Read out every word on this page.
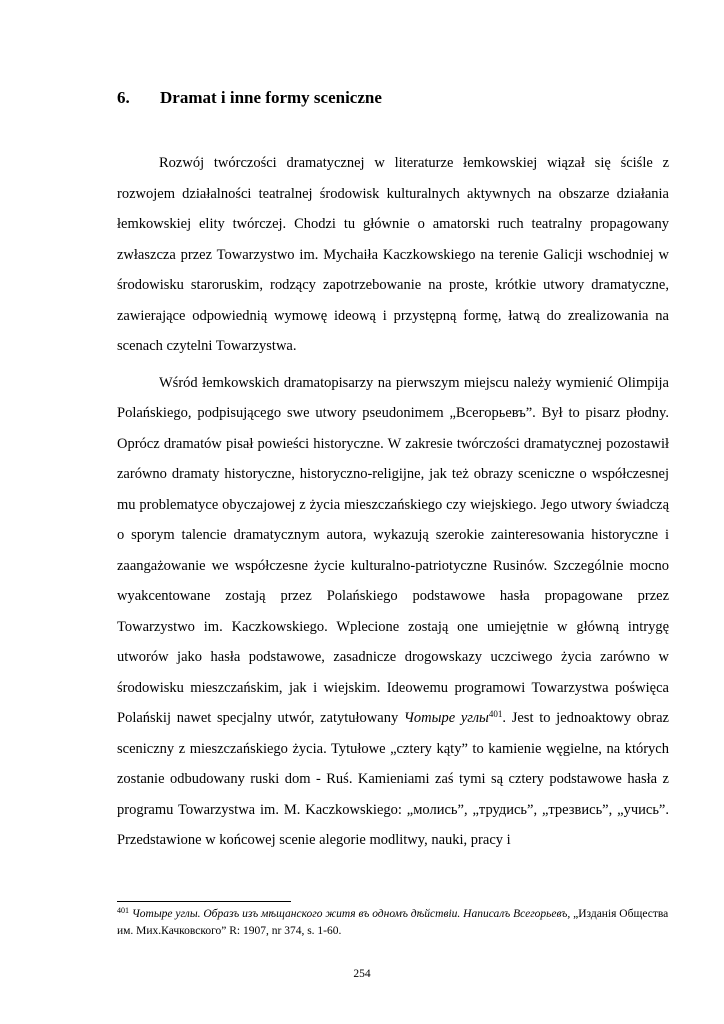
6. Dramat i inne formy sceniczne

Rozwój twórczości dramatycznej w literaturze łemkowskiej wiązał się ściśle z rozwojem działalności teatralnej środowisk kulturalnych aktywnych na obszarze działania łemkowskiej elity twórczej. Chodzi tu głównie o amatorski ruch teatralny propagowany zwłaszcza przez Towarzystwo im. Mychaiła Kaczkowskiego na terenie Galicji wschodniej w środowisku staroruskim, rodzący zapotrzebowanie na proste, krótkie utwory dramatyczne, zawierające odpowiednią wymowę ideową i przystępną formę, łatwą do zrealizowania na scenach czytelni Towarzystwa.

Wśród łemkowskich dramatopisarzy na pierwszym miejscu należy wymienić Olimpija Polańskiego, podpisującego swe utwory pseudonimem „Всегорьевъ”. Był to pisarz płodny. Oprócz dramatów pisał powieści historyczne. W zakresie twórczości dramatycznej pozostawił zarówno dramaty historyczne, historyczno-religijne, jak też obrazy sceniczne o współczesnej mu problematyce obyczajowej z życia mieszczańskiego czy wiejskiego. Jego utwory świadczą o sporym talencie dramatycznym autora, wykazują szerokie zainteresowania historyczne i zaangażowanie we współczesne życie kulturalno-patriotyczne Rusinów. Szczególnie mocno wyakcentowane zostają przez Polańskiego podstawowe hasła propagowane przez Towarzystwo im. Kaczkowskiego. Wplecione zostają one umiejętnie w główną intrygę utworów jako hasła podstawowe, zasadnicze drogowskazy uczciwego życia zarówno w środowisku mieszczańskim, jak i wiejskim. Ideowemu programowi Towarzystwa poświęca Polańskij nawet specjalny utwór, zatytułowany Чотыре углы$^{401}$. Jest to jednoaktowy obraz sceniczny z mieszczańskiego życia. Tytułowe „cztery kąty” to kamienie węgielne, na których zostanie odbudowany ruski dom - Ruś. Kamieniami zaś tymi są cztery podstawowe hasła z programu Towarzystwa im. M. Kaczkowskiego: „молись”, „трудись”, „трезвись”, „учись”. Przedstawione w końcowej scenie alegorie modlitwy, nauki, pracy i

$^{401}$ Чотыре углы. Образъ изъ мѣщанского житя въ одномъ дѣйствіи. Написалъ Всегорьевъ, „Изданія Общества им. Мих.Качковского” R: 1907, nr 374, s. 1-60.
254
